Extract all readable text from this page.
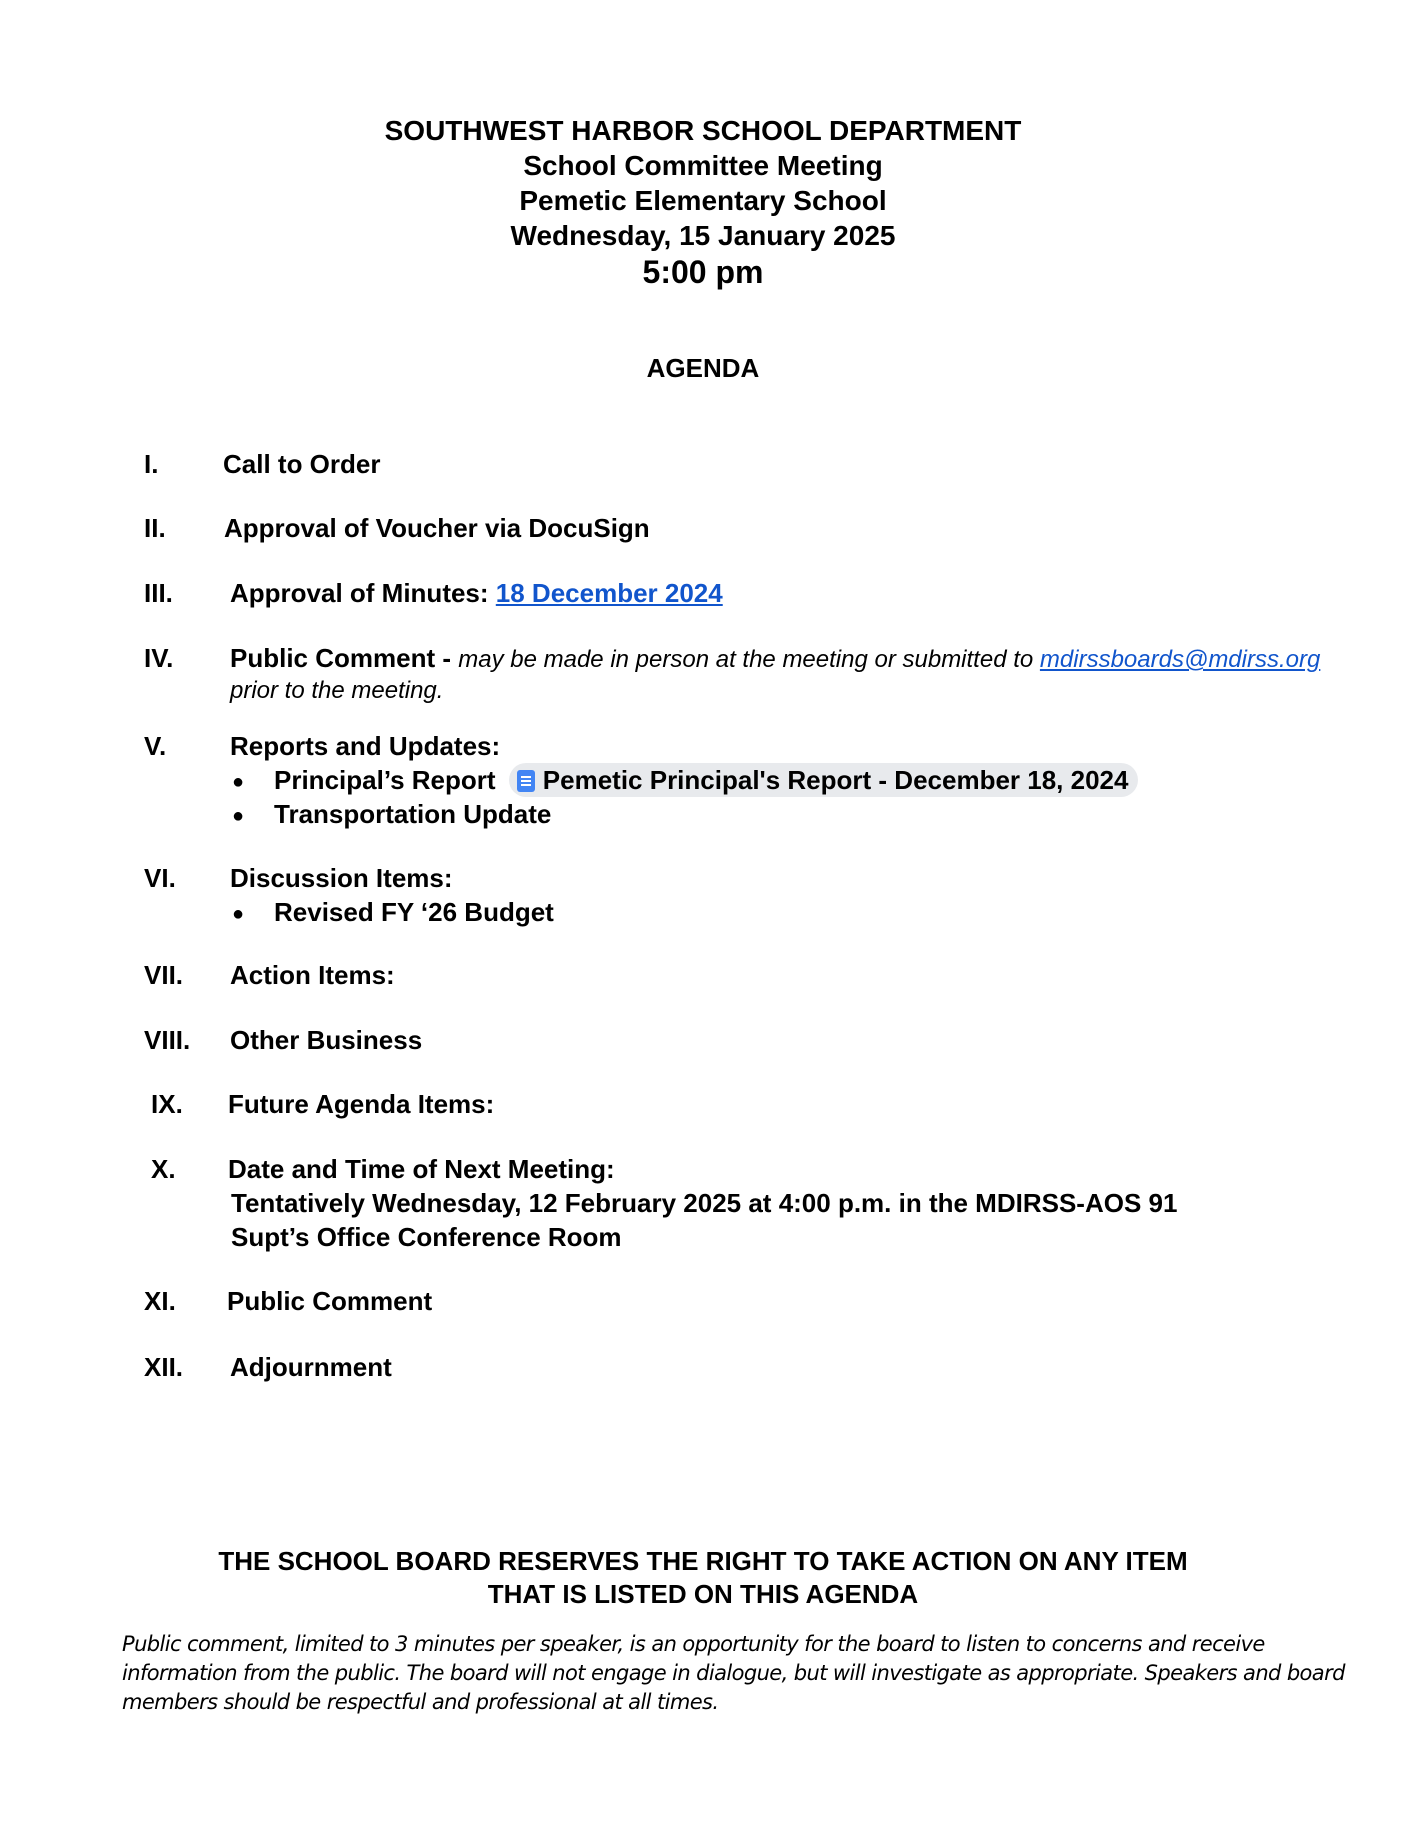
SOUTHWEST HARBOR SCHOOL DEPARTMENT
School Committee Meeting
Pemetic Elementary School
Wednesday, 15 January 2025
5:00 pm
AGENDA
I. Call to Order
II. Approval of Voucher via DocuSign
III. Approval of Minutes: 18 December 2024
IV. Public Comment - may be made in person at the meeting or submitted to mdirssboards@mdirss.org
prior to the meeting.
V. Reports and Updates:
● Principal’s Report Pemetic Principal's Report - December 18, 2024
● Transportation Update
VI. Discussion Items:
● Revised FY ‘26 Budget
VII. Action Items:
VIII. Other Business
IX. Future Agenda Items:
X. Date and Time of Next Meeting:
Tentatively Wednesday, 12 February 2025 at 4:00 p.m. in the MDIRSS-AOS 91
Supt’s Office Conference Room
XI. Public Comment
XII. Adjournment
THE SCHOOL BOARD RESERVES THE RIGHT TO TAKE ACTION ON ANY ITEM
THAT IS LISTED ON THIS AGENDA
Public comment, limited to 3 minutes per speaker, is an opportunity for the board to listen to concerns and receive information from the public. The board will not engage in dialogue, but will investigate as appropriate. Speakers and board members should be respectful and professional at all times.
